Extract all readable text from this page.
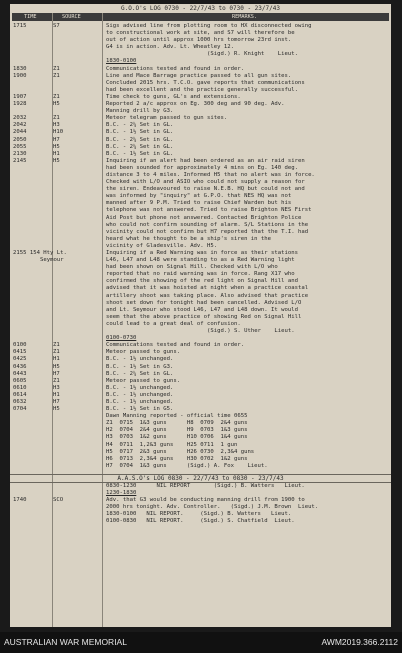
G.O.O's LOG 0730 - 22/7/43 to 0730 - 23/7/43
TIME	SOURCE	REMARKS.
1715	S7	Sigs advised line from plotting room to HX disconnected owing
to constructional work at site, and S7 will therefore be
out of action until approx 1000 hrs tomorrow 23rd inst.
G4 is in action. Adv. Lt. Wheatley 12.
(Sigd.) R. Knight    Lieut.
1830-0100
1830	Z1	Communications tested and found in order.
1900	Z1	Line and Mace Barrage practice passed to all gun sites.
Concluded 2015 hrs. T.C.O. gave reports that communications
had been excellent and the practice generally successful.
1907	Z1	Time check to guns, GL's and extensions.
1928	H5	Reported 2 a/c approx on Eg. 300 deg and 90 deg. Adv.
Manning drill by G3.
2032	Z1	Meteor telegram passed to gun sites.
2042	H3	B.C. - 2¼ Set in GL.
2044	H10	B.C. - 1½ Set in GL.
2050	H7	B.C. - 2¼ Set in GL.
2055	H5	B.C. - 2¼ Set in GL.
2130	H1	B.C. - 1½ Set in GL.
2145	H5	Inquiring if an alert had been ordered as an air raid siren
had been sounded for approximately 4 mins on Eg. 140 deg.
distance 3 to 4 miles. Informed H5 that no alert was in force.
Checked with L/O and ASIO who could not supply a reason for
the siren. Endeavoured to raise N.E.B. HQ but could not and
was informed by "inquiry" at G.P.O. that NES HQ was not
manned after 9 P.M. Tried to raise Chief Warden but his
telephone was not answered. Tried to raise Brighton NES First
Aid Post but phone not answered. Contacted Brighton Police
who could not confirm sounding of alarm. S/L Stations in the
vicinity could not confirm but H7 reported that the T.I. had
heard what he thought to be a ship's siren in the
vicinity of Gladesville. Adv. H5.
2155 154 Hty Lt.
Seymour
Inquiring if a Red Warning was in force as their stations
L46, L47 and L48 were standing to as a Red Warning light
had been shown on Signal Hill. Checked with L/O who
reported that no raid warning was in force. Rang X17 who
confirmed the showing of the red light on Signal Hill and
advised that it was hoisted at night when a practice coastal
artillery shoot was taking place. Also advised that practice
shoot set down for tonight had been cancelled. Advised L/O
and Lt. Seymour who stood L46, L47 and L48 down. It would
seem that the above practice of showing Red on Signal Hill
could lead to a great deal of confusion.
(Sigd.) S. Uther    Lieut.
0100-0730
0100	Z1	Communications tested and found in order.
0415	Z1	Meteor passed to guns.
0425	H1	B.C. - 1½ unchanged.
0436	H5	B.C. - 1½ Set in G3.
0443	H7	B.C. - 2¼ Set in GL.
0605	Z1	Meteor passed to guns.
0610	H3	B.C. - 1½ unchanged.
0614	H1	B.C. - 1½ unchanged.
0632	H7	B.C. - 1½ unchanged.
0704	H5	B.C. - 1½ Set in G5.
Dawn Manning reported - official time 0655
Z1  0715  1&3 guns      H8  0709  2&4 guns
H2  0704  2&4 guns      H9  0703  1&3 guns
H3  0703  1&2 guns      H10 0706  1&4 guns
H4  0711  1,2&3 guns    H25 0711  1 gun
H5  0717  2&3 guns      H26 0730  2,3&4 guns
H6  0713  2,3&4 guns    H30 0702  1&2 guns
H7  0704  1&3 guns      (Sigd.) A. Fox    Lieut.
A.A.S.O's LOG 0830 - 22/7/43 to 0830 - 23/7/43
0830-1230      NIL REPORT       (Sigd.) B. Watters   Lieut.
1230-1830
1740	SCO	Adv. that G3 would be conducting manning drill from 1900 to
2000 hrs tonight. Adv. Controller.   (Sigd.) J.M. Brown  Lieut.
1830-0100   NIL REPORT.     (Sigd.) B. Watters   Lieut.
0100-0830   NIL REPORT.     (Sigd.) S. Chatfield  Lieut.
AUSTRALIAN WAR MEMORIAL	AWM2019.366.2112
